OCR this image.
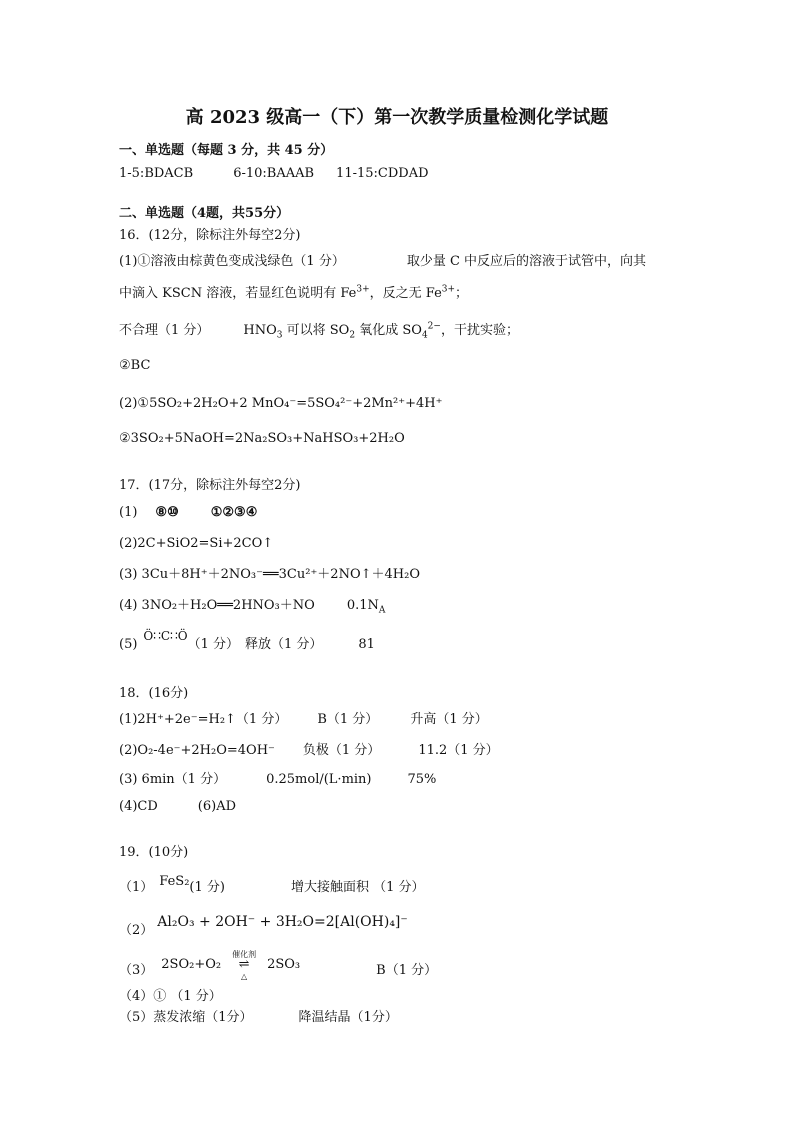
高 2023 级高一（下）第一次教学质量检测化学试题
一、单选题（每题 3 分，共 45 分）
1-5:BDACB	6-10:BAAAB 11-15:CDDAD
二、单选题（4题，共55分）
16．(12分，除标注外每空2分)
(1)①溶液由棕黄色变成浅绿色（1 分）	取少量 C 中反应后的溶液于试管中，向其
中滴入 KSCN 溶液，若显红色说明有 $Fe^{3+}$，反之无 $Fe^{3+}$；
不合理（1 分）	$HNO_3$ 可以将 $SO_2$ 氧化成 $SO_4^{2-}$，干扰实验；
②BC
(2)①5SO₂+2H₂O+2 MnO₄⁻=5SO₄²⁻+2Mn²⁺+4H⁺
②3SO₂+5NaOH=2Na₂SO₃+NaHSO₃+2H₂O
17．(17分，除标注外每空2分)
(1) ⑧⑩ ①②③④
(2)2C+SiO2=Si+2CO↑
(3) 3Cu＋8H⁺＋2NO₃⁻══3Cu²⁺＋2NO↑＋4H₂O
(4) 3NO₂＋H₂O══2HNO₃＋NO $0.1N_A$
(5)Ö∷C∷Ö（1 分） 释放（1 分）	81
18．(16分)
(1)2H⁺+2e⁻=H₂↑（1 分） B（1 分） 升高（1 分）
(2)O₂-4e⁻+2H₂O=4OH⁻ 负极（1 分）	11.2（1 分）
(3) 6min（1 分）	0.25mol/(L·min)	75%
(4)CD	(6)AD
19．(10分)
（1） FeS₂(1 分)	增大接触面积 （1 分）
（2）Al₂O₃ + 2OH⁻ + 3H₂O=2[Al(OH)₄]⁻
（3） 2SO₂+O₂
催化剂
⇌
△
2SO₃	B（1 分）
（4）① （1 分）
（5）蒸发浓缩（1分）	降温结晶（1分）
